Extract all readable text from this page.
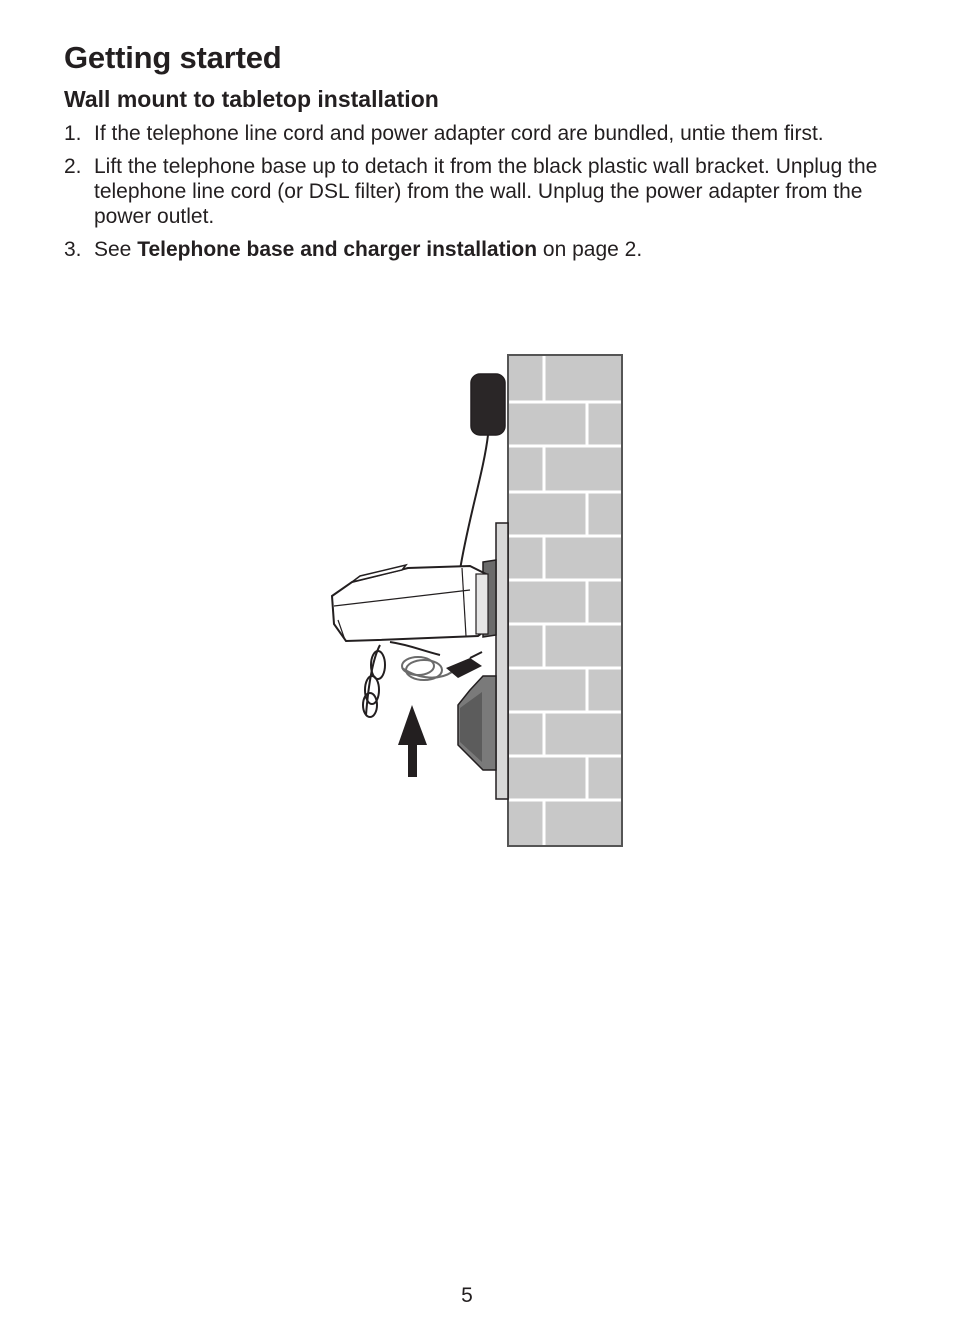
Getting started
Wall mount to tabletop installation
1. If the telephone line cord and power adapter cord are bundled, untie them first.
2. Lift the telephone base up to detach it from the black plastic wall bracket. Unplug the telephone line cord (or DSL filter) from the wall. Unplug the power adapter from the power outlet.
3. See Telephone base and charger installation on page 2.
5
